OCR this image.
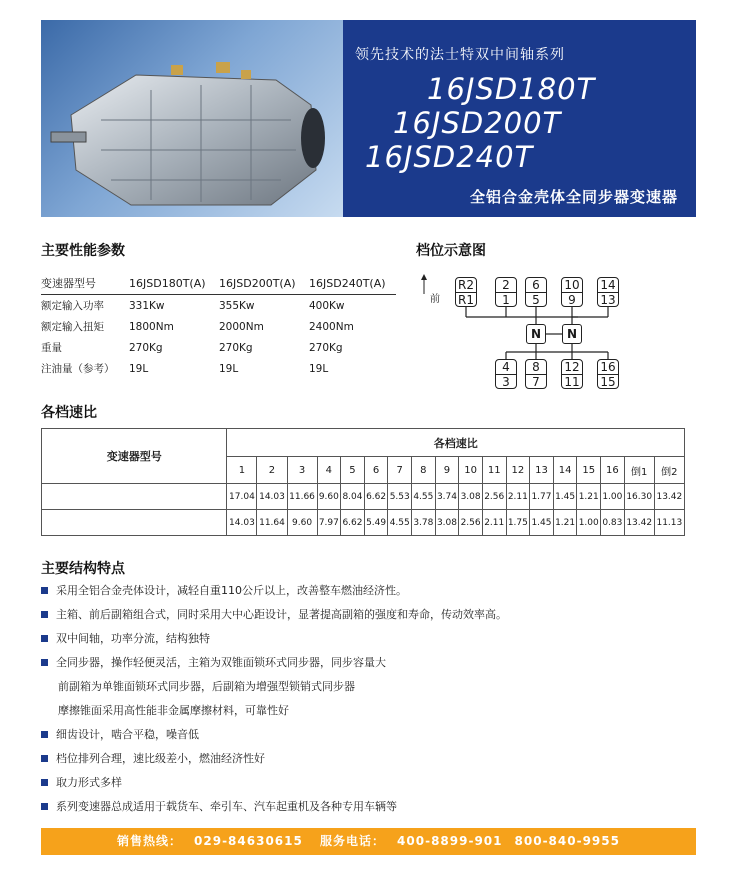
领先技术的法士特双中间轴系列
16JSD180T
16JSD200T
16JSD240T
全铝合金壳体全同步器变速器
主要性能参数
变速器型号	16JSD180T(A)	16JSD200T(A)	16JSD240T(A)
额定输入功率	331Kw	355Kw	400Kw
额定输入扭矩	1800Nm	2000Nm	2400Nm
重量	270Kg	270Kg	270Kg
注油量（参考）	19L	19L	19L
档位示意图
前
R2
R1
2
1
6
5
10
9
14
13
N	N
4
3
8
7
12
11
16
15
各档速比
变速器型号	各档速比																	
	1	2	3	4	5	6	7	8	9	10	11	12	13	14	15	16	倒1	倒2
16JSD180T/16JSD200T/16JSD240T	17.04	14.03	11.66	9.60	8.04	6.62	5.53	4.55	3.74	3.08	2.56	2.11	1.77	1.45	1.21	1.00	16.30	13.42
16JSD180TA/16JSD200TA/16JSD240TA	14.03	11.64	9.60	7.97	6.62	5.49	4.55	3.78	3.08	2.56	2.11	1.75	1.45	1.21	1.00	0.83	13.42	11.13
主要结构特点
采用全铝合金壳体设计，减轻自重110公斤以上，改善整车燃油经济性。
主箱、前后副箱组合式，同时采用大中心距设计，显著提高副箱的强度和寿命，传动效率高。
双中间轴，功率分流，结构独特
全同步器，操作轻便灵活，主箱为双锥面锁环式同步器，同步容量大
前副箱为单锥面锁环式同步器，后副箱为增强型锁销式同步器
摩擦锥面采用高性能非金属摩擦材料，可靠性好
细齿设计，啮合平稳，噪音低
档位排列合理，速比级差小，燃油经济性好
取力形式多样
系列变速器总成适用于载货车、牵引车、汽车起重机及各种专用车辆等
销售热线： 029-84630615 服务电话： 400-8899-901 800-840-9955
